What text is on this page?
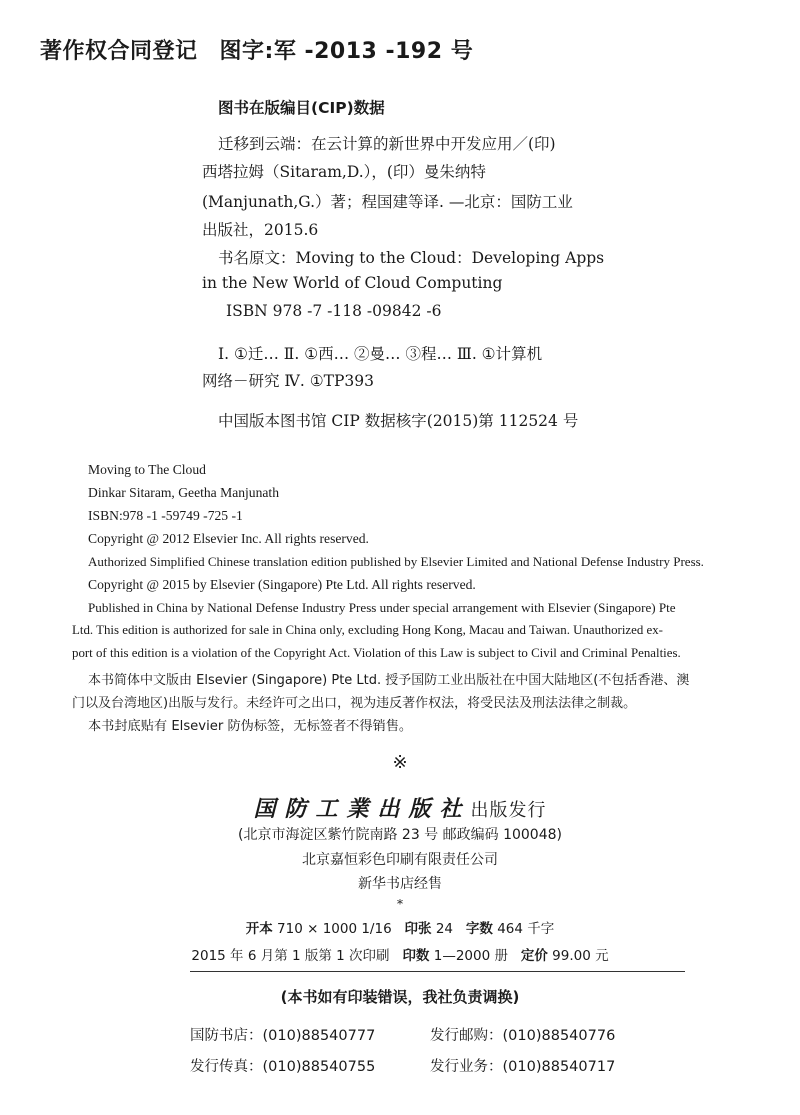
著作权合同登记 图字:军 -2013 -192 号
图书在版编目(CIP)数据
迁移到云端：在云计算的新世界中开发应用／(印)
西塔拉姆（Sitaram,D.），(印）曼朱纳特
(Manjunath,G.）著；程国建等译. —北京：国防工业
出版社，2015.6
书名原文：Moving to the Cloud：Developing Apps
in the New World of Cloud Computing
ISBN 978 -7 -118 -09842 -6
Ⅰ. ①迁… Ⅱ. ①西… ②曼… ③程… Ⅲ. ①计算机
网络－研究 Ⅳ. ①TP393
中国版本图书馆 CIP 数据核字(2015)第 112524 号
Moving to The Cloud
Dinkar Sitaram, Geetha Manjunath
ISBN:978 -1 -59749 -725 -1
Copyright @ 2012 Elsevier Inc. All rights reserved.
Authorized Simplified Chinese translation edition published by Elsevier Limited and National Defense Industry Press.
Copyright @ 2015 by Elsevier (Singapore) Pte Ltd. All rights reserved.
Published in China by National Defense Industry Press under special arrangement with Elsevier (Singapore) Pte
Ltd. This edition is authorized for sale in China only, excluding Hong Kong, Macau and Taiwan. Unauthorized ex-
port of this edition is a violation of the Copyright Act. Violation of this Law is subject to Civil and Criminal Penalties.
本书简体中文版由 Elsevier (Singapore) Pte Ltd. 授予国防工业出版社在中国大陆地区(不包括香港、澳
门以及台湾地区)出版与发行。未经许可之出口，视为违反著作权法，将受民法及刑法法律之制裁。
本书封底贴有 Elsevier 防伪标签，无标签者不得销售。
※
国防工業出版社出版发行
(北京市海淀区紫竹院南路 23 号 邮政编码 100048)
北京嘉恒彩色印刷有限责任公司
新华书店经售
*
开本 710 × 1000 1/16 印张 24 字数 464 千字
2015 年 6 月第 1 版第 1 次印刷 印数 1—2000 册 定价 99.00 元
(本书如有印装错误，我社负责调换)
国防书店：(010)88540777	发行邮购：(010)88540776
发行传真：(010)88540755	发行业务：(010)88540717
